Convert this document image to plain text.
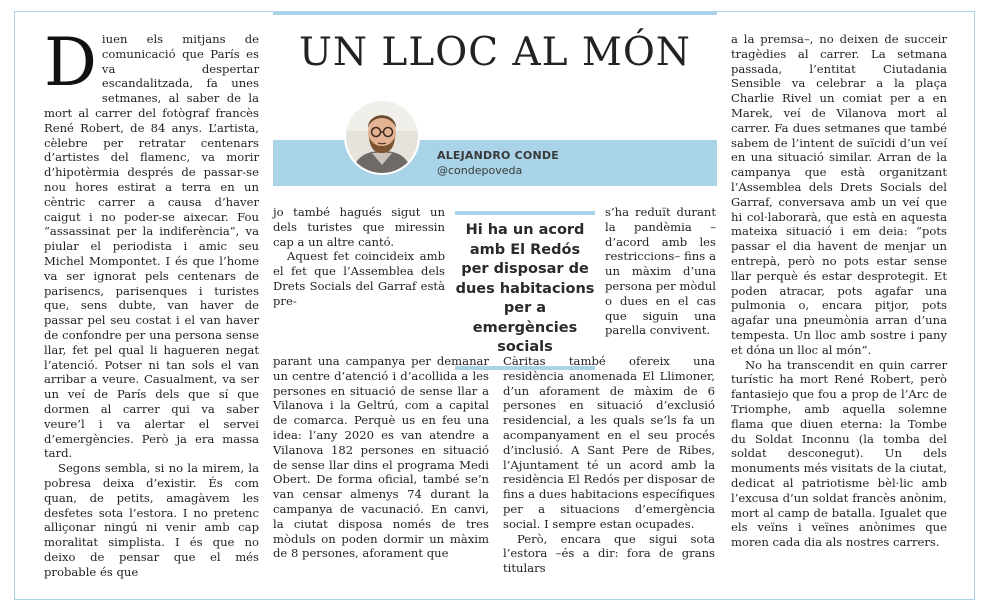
UN LLOC AL MÓN
ALEJANDRO CONDE
@condepoveda
Hi ha un acord amb El Redós per disposar de dues habitacions per a emergències socials

Diuen els mitjans de comunicació que París es va despertar escandalitzada, fa unes setmanes, al saber de la mort al carrer del fotògraf francès René Robert, de 84 anys. L’artista, cèlebre per retratar centenars d’artistes del flamenc, va morir d’hipotèrmia després de passar-se nou hores estirat a terra en un cèntric carrer a causa d’haver caigut i no poder-se aixecar. Fou “assassinat per la indiferència”, va piular el periodista i amic seu Michel Mompontet. I és que l’home va ser ignorat pels centenars de parisencs, parisenques i turistes que, sens dubte, van haver de passar pel seu costat i el van haver de confondre per una persona sense llar, fet pel qual li hagueren negat l’atenció. Potser ni tan sols el van arribar a veure. Casualment, va ser un veí de París dels que sí que dormen al carrer qui va saber veure’l i va alertar el servei d’emergències. Però ja era massa tard.

Segons sembla, si no la mirem, la pobresa deixa d’existir. És com quan, de petits, amagàvem les desfetes sota l’estora. I no pretenc alliçonar ningú ni venir amb cap moralitat simplista. I és que no deixo de pensar que el més probable és que

jo també hagués sigut un dels turistes que miressin cap a un altre cantó.

Aquest fet coincideix amb el fet que l’Assemblea dels Drets Socials del Garraf està pre-

parant una campanya per demanar un centre d’atenció i d’acollida a les persones en situació de sense llar a Vilanova i la Geltrú, com a capital de comarca. Perquè us en feu una idea: l’any 2020 es van atendre a Vilanova 182 persones en situació de sense llar dins el programa Medi Obert. De forma oficial, també se’n van censar almenys 74 durant la campanya de vacunació. En canvi, la ciutat disposa només de tres mòduls on poden dormir un màxim de 8 persones, aforament que

s’ha reduït durant la pandèmia –d’acord amb les restriccions– fins a un màxim d’una persona per mòdul o dues en el cas que siguin una parella convivent.

Càritas també ofereix una residència anomenada El Llimoner, d’un aforament de màxim de 6 persones en situació d’exclusió residencial, a les quals se’ls fa un acompanyament en el seu procés d’inclusió. A Sant Pere de Ribes, l’Ajuntament té un acord amb la residència El Redós per disposar de fins a dues habitacions específiques per a situacions d’emergència social. I sempre estan ocupades.

Però, encara que sigui sota l’estora –és a dir: fora de grans titulars

a la premsa–, no deixen de succeir tragèdies al carrer. La setmana passada, l’entitat Ciutadania Sensible va celebrar a la plaça Charlie Rivel un comiat per a en Marek, veí de Vilanova mort al carrer. Fa dues setmanes que també sabem de l’intent de suïcidi d’un veí en una situació similar. Arran de la campanya que està organitzant l’Assemblea dels Drets Socials del Garraf, conversava amb un veí que hi col·laborarà, que està en aquesta mateixa situació i em deia: “pots passar el dia havent de menjar un entrepà, però no pots estar sense llar perquè és estar desprotegit. Et poden atracar, pots agafar una pulmonia o, encara pitjor, pots agafar una pneumònia arran d’una tempesta. Un lloc amb sostre i pany et dóna un lloc al món”.

No ha transcendit en quin carrer turístic ha mort René Robert, però fantasiejo que fou a prop de l’Arc de Triomphe, amb aquella solemne flama que diuen eterna: la Tombe du Soldat Inconnu (la tomba del soldat desconegut). Un dels monuments més visitats de la ciutat, dedicat al patriotisme bèl·lic amb l’excusa d’un soldat francès anònim, mort al camp de batalla. Igualet que els veïns i veïnes anònimes que moren cada dia als nostres carrers.
